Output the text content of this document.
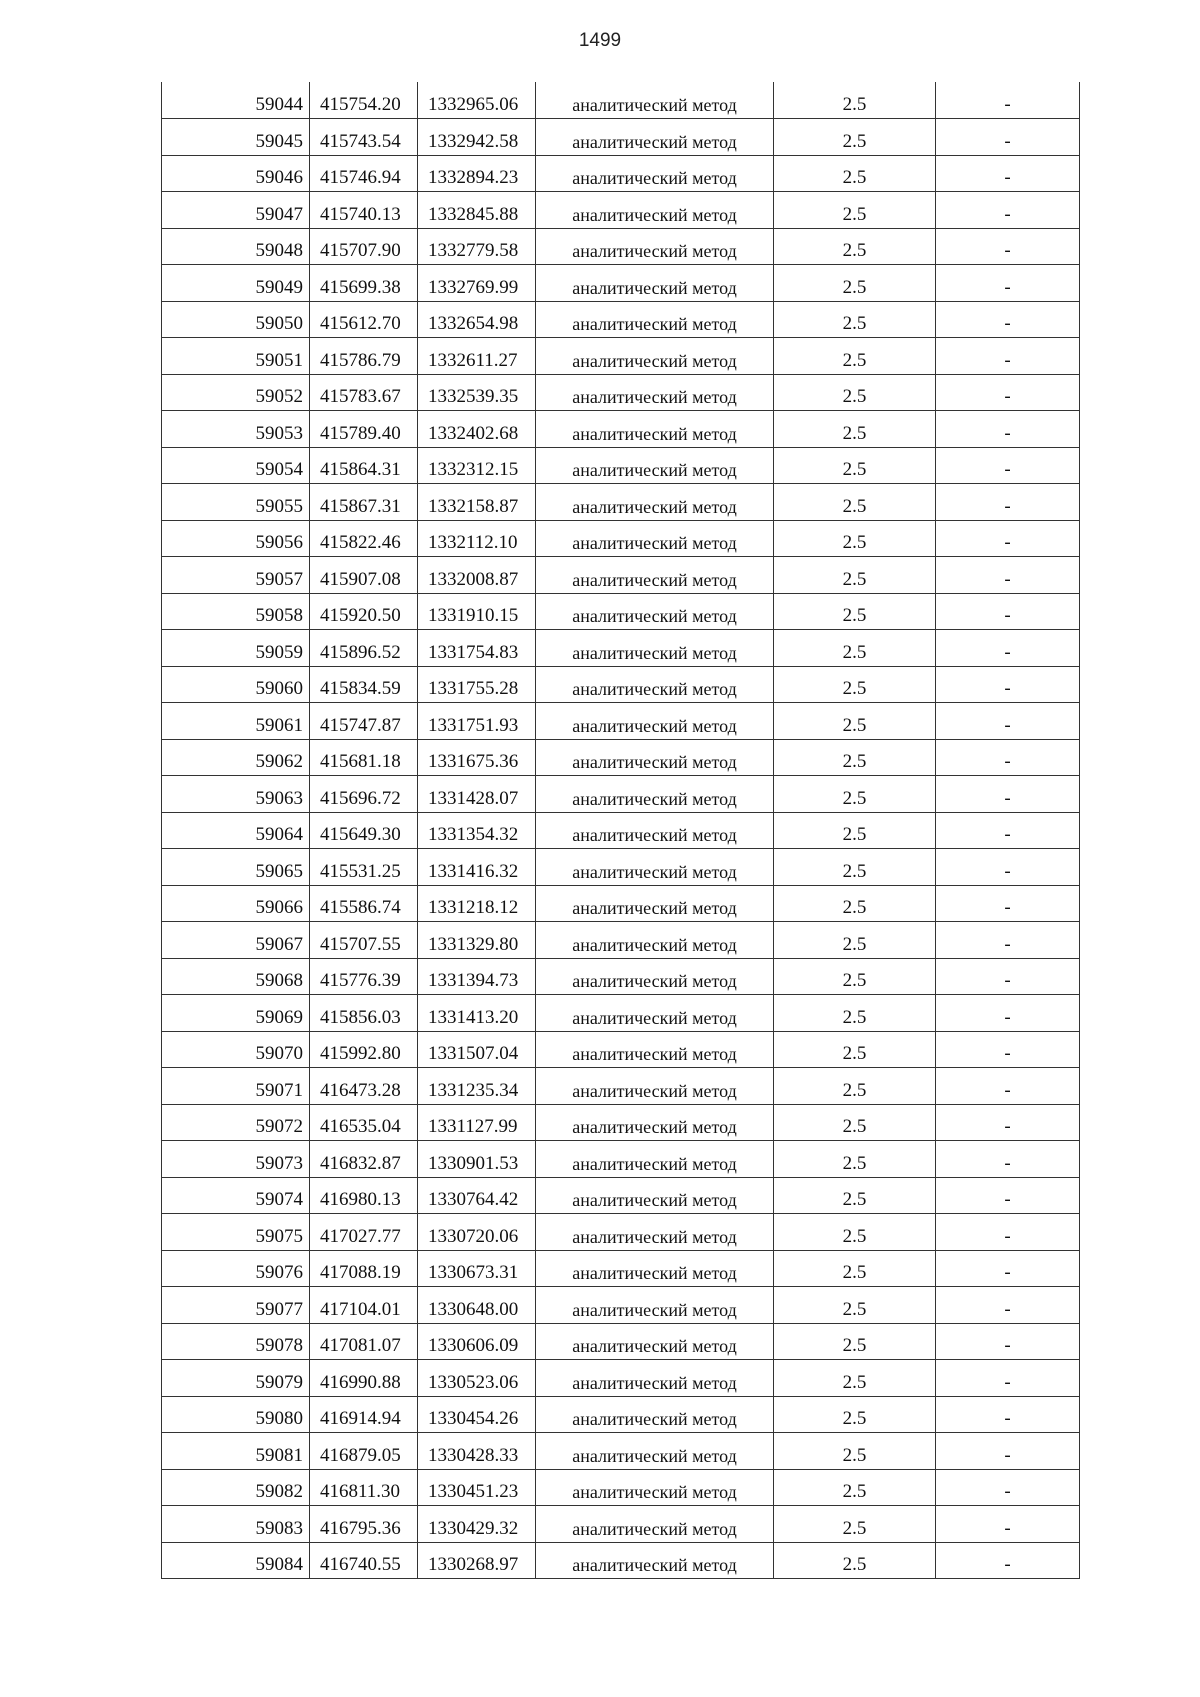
1499
59044	415754.20	1332965.06	аналитический метод	2.5	-
59045	415743.54	1332942.58	аналитический метод	2.5	-
59046	415746.94	1332894.23	аналитический метод	2.5	-
59047	415740.13	1332845.88	аналитический метод	2.5	-
59048	415707.90	1332779.58	аналитический метод	2.5	-
59049	415699.38	1332769.99	аналитический метод	2.5	-
59050	415612.70	1332654.98	аналитический метод	2.5	-
59051	415786.79	1332611.27	аналитический метод	2.5	-
59052	415783.67	1332539.35	аналитический метод	2.5	-
59053	415789.40	1332402.68	аналитический метод	2.5	-
59054	415864.31	1332312.15	аналитический метод	2.5	-
59055	415867.31	1332158.87	аналитический метод	2.5	-
59056	415822.46	1332112.10	аналитический метод	2.5	-
59057	415907.08	1332008.87	аналитический метод	2.5	-
59058	415920.50	1331910.15	аналитический метод	2.5	-
59059	415896.52	1331754.83	аналитический метод	2.5	-
59060	415834.59	1331755.28	аналитический метод	2.5	-
59061	415747.87	1331751.93	аналитический метод	2.5	-
59062	415681.18	1331675.36	аналитический метод	2.5	-
59063	415696.72	1331428.07	аналитический метод	2.5	-
59064	415649.30	1331354.32	аналитический метод	2.5	-
59065	415531.25	1331416.32	аналитический метод	2.5	-
59066	415586.74	1331218.12	аналитический метод	2.5	-
59067	415707.55	1331329.80	аналитический метод	2.5	-
59068	415776.39	1331394.73	аналитический метод	2.5	-
59069	415856.03	1331413.20	аналитический метод	2.5	-
59070	415992.80	1331507.04	аналитический метод	2.5	-
59071	416473.28	1331235.34	аналитический метод	2.5	-
59072	416535.04	1331127.99	аналитический метод	2.5	-
59073	416832.87	1330901.53	аналитический метод	2.5	-
59074	416980.13	1330764.42	аналитический метод	2.5	-
59075	417027.77	1330720.06	аналитический метод	2.5	-
59076	417088.19	1330673.31	аналитический метод	2.5	-
59077	417104.01	1330648.00	аналитический метод	2.5	-
59078	417081.07	1330606.09	аналитический метод	2.5	-
59079	416990.88	1330523.06	аналитический метод	2.5	-
59080	416914.94	1330454.26	аналитический метод	2.5	-
59081	416879.05	1330428.33	аналитический метод	2.5	-
59082	416811.30	1330451.23	аналитический метод	2.5	-
59083	416795.36	1330429.32	аналитический метод	2.5	-
59084	416740.55	1330268.97	аналитический метод	2.5	-
